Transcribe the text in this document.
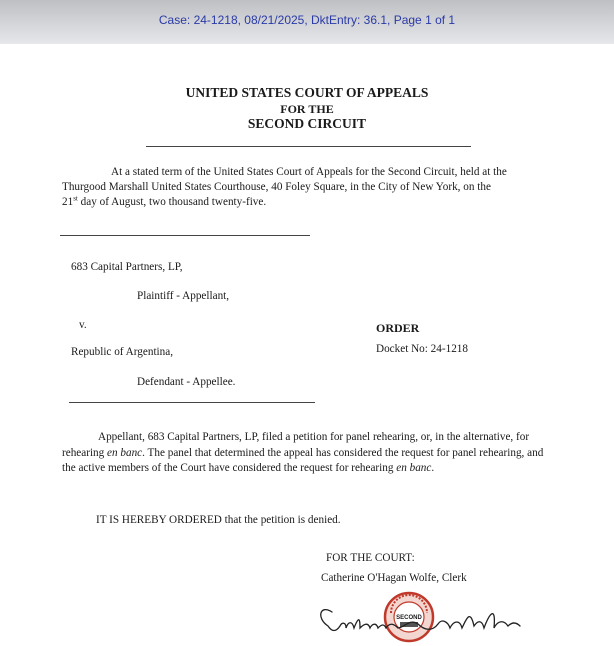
Case: 24-1218, 08/21/2025, DktEntry: 36.1, Page 1 of 1
UNITED STATES COURT OF APPEALS
FOR THE
SECOND CIRCUIT
At a stated term of the United States Court of Appeals for the Second Circuit, held at the
Thurgood Marshall United States Courthouse, 40 Foley Square, in the City of New York, on the
21st day of August, two thousand twenty-five.
683 Capital Partners, LP,
Plaintiff - Appellant,
v.
Republic of Argentina,
Defendant - Appellee.
ORDER
Docket No: 24-1218

Appellant, 683 Capital Partners, LP, filed a petition for panel rehearing, or, in the alternative, for rehearing en banc. The panel that determined the appeal has considered the request for panel rehearing, and the active members of the Court have considered the request for rehearing en banc.

IT IS HEREBY ORDERED that the petition is denied.
FOR THE COURT:
Catherine O'Hagan Wolfe, Clerk
SECOND
